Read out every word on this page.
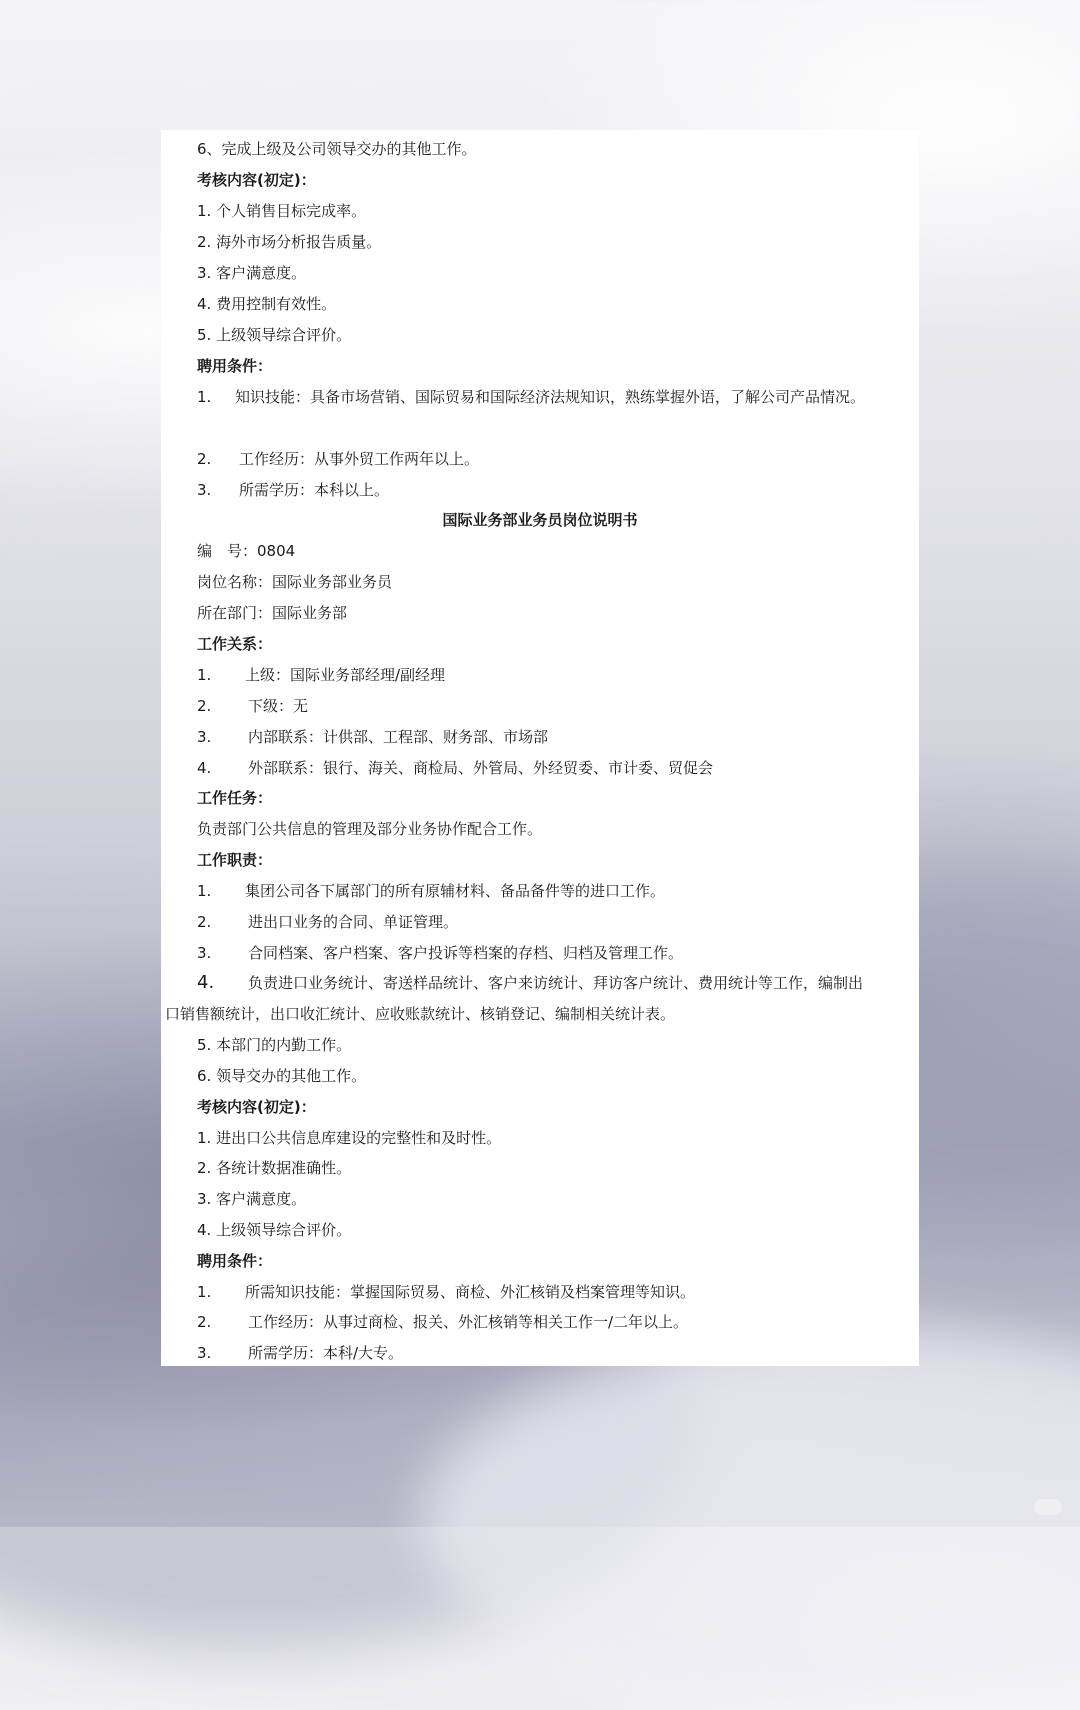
6、完成上级及公司领导交办的其他工作。
考核内容(初定)：
1. 个人销售目标完成率。
2. 海外市场分析报告质量。
3. 客户满意度。
4. 费用控制有效性。
5. 上级领导综合评价。
聘用条件：
1. 知识技能：具备市场营销、国际贸易和国际经济法规知识，熟练掌握外语，了解公司产品情况。
2. 工作经历：从事外贸工作两年以上。
3. 所需学历：本科以上。
国际业务部业务员岗位说明书
编　号：0804
岗位名称：国际业务部业务员
所在部门：国际业务部
工作关系：
1. 上级：国际业务部经理/副经理
2. 下级：无
3. 内部联系：计供部、工程部、财务部、市场部
4. 外部联系：银行、海关、商检局、外管局、外经贸委、市计委、贸促会
工作任务：
负责部门公共信息的管理及部分业务协作配合工作。
工作职责：
1. 集团公司各下属部门的所有原辅材料、备品备件等的进口工作。
2. 进出口业务的合同、单证管理。
3. 合同档案、客户档案、客户投诉等档案的存档、归档及管理工作。
4. 负责进口业务统计、寄送样品统计、客户来访统计、拜访客户统计、费用统计等工作，编制出
口销售额统计，出口收汇统计、应收账款统计、核销登记、编制相关统计表。
5. 本部门的内勤工作。
6. 领导交办的其他工作。
考核内容(初定)：
1. 进出口公共信息库建设的完整性和及时性。
2. 各统计数据准确性。
3. 客户满意度。
4. 上级领导综合评价。
聘用条件：
1. 所需知识技能：掌握国际贸易、商检、外汇核销及档案管理等知识。
2. 工作经历：从事过商检、报关、外汇核销等相关工作一/二年以上。
3. 所需学历：本科/大专。
